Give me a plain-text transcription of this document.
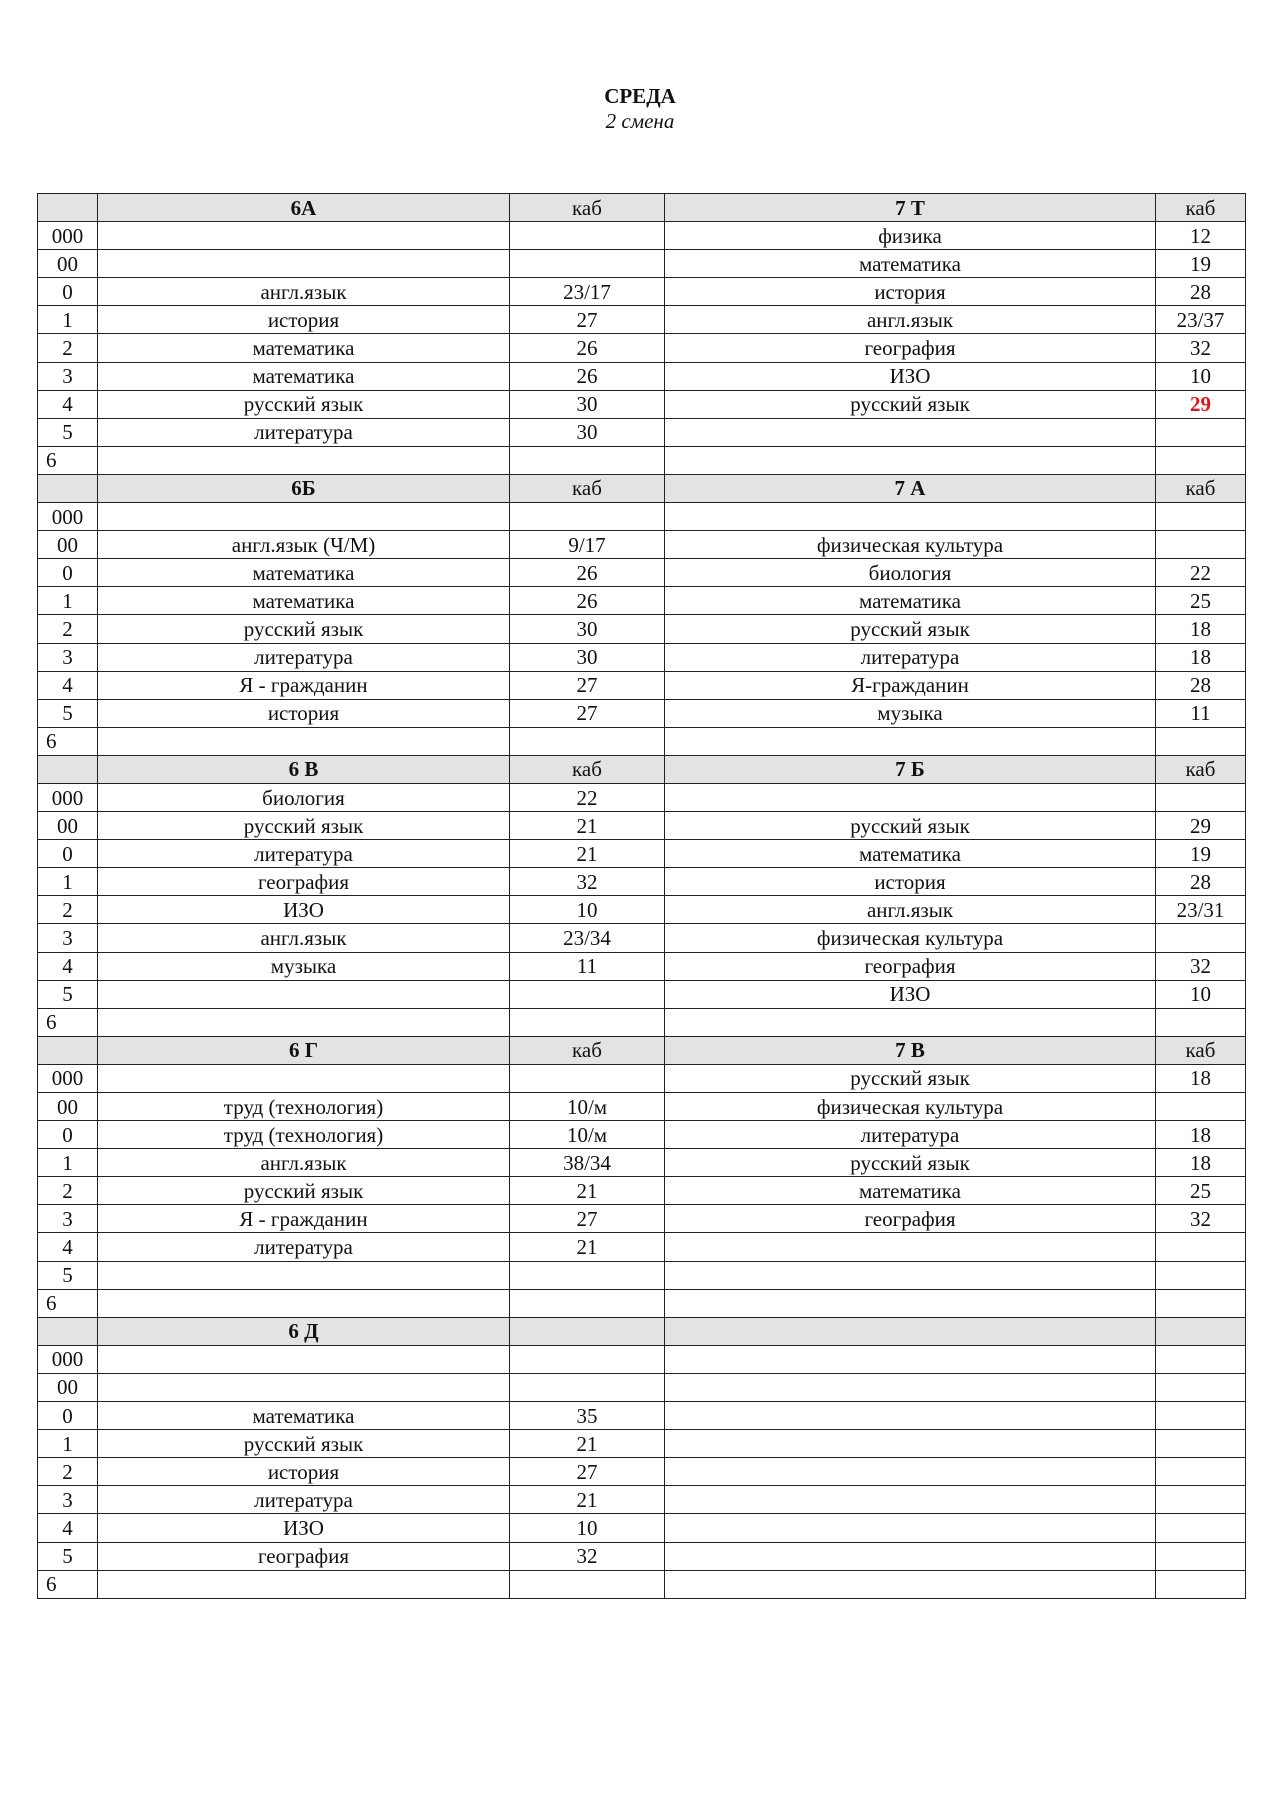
СРЕДА
2 смена
	6А	каб	7 Т	каб
000			физика	12
00			математика	19
0	англ.язык	23/17	история	28
1	история	27	англ.язык	23/37
2	математика	26	география	32
3	математика	26	ИЗО	10
4	русский язык	30	русский язык	29
5	литература	30		
6				
	6Б	каб	7 А	каб
000				
00	англ.язык (Ч/М)	9/17	физическая культура	
0	математика	26	биология	22
1	математика	26	математика	25
2	русский язык	30	русский язык	18
3	литература	30	литература	18
4	Я - гражданин	27	Я-гражданин	28
5	история	27	музыка	11
6				
	6 В	каб	7 Б	каб
000	биология	22		
00	русский язык	21	русский язык	29
0	литература	21	математика	19
1	география	32	история	28
2	ИЗО	10	англ.язык	23/31
3	англ.язык	23/34	физическая культура	
4	музыка	11	география	32
5			ИЗО	10
6				
	6 Г	каб	7 В	каб
000			русский язык	18
00	труд (технология)	10/м	физическая культура	
0	труд (технология)	10/м	литература	18
1	англ.язык	38/34	русский язык	18
2	русский язык	21	математика	25
3	Я - гражданин	27	география	32
4	литература	21		
5				
6				
	6 Д			
000				
00				
0	математика	35		
1	русский язык	21		
2	история	27		
3	литература	21		
4	ИЗО	10		
5	география	32		
6				
